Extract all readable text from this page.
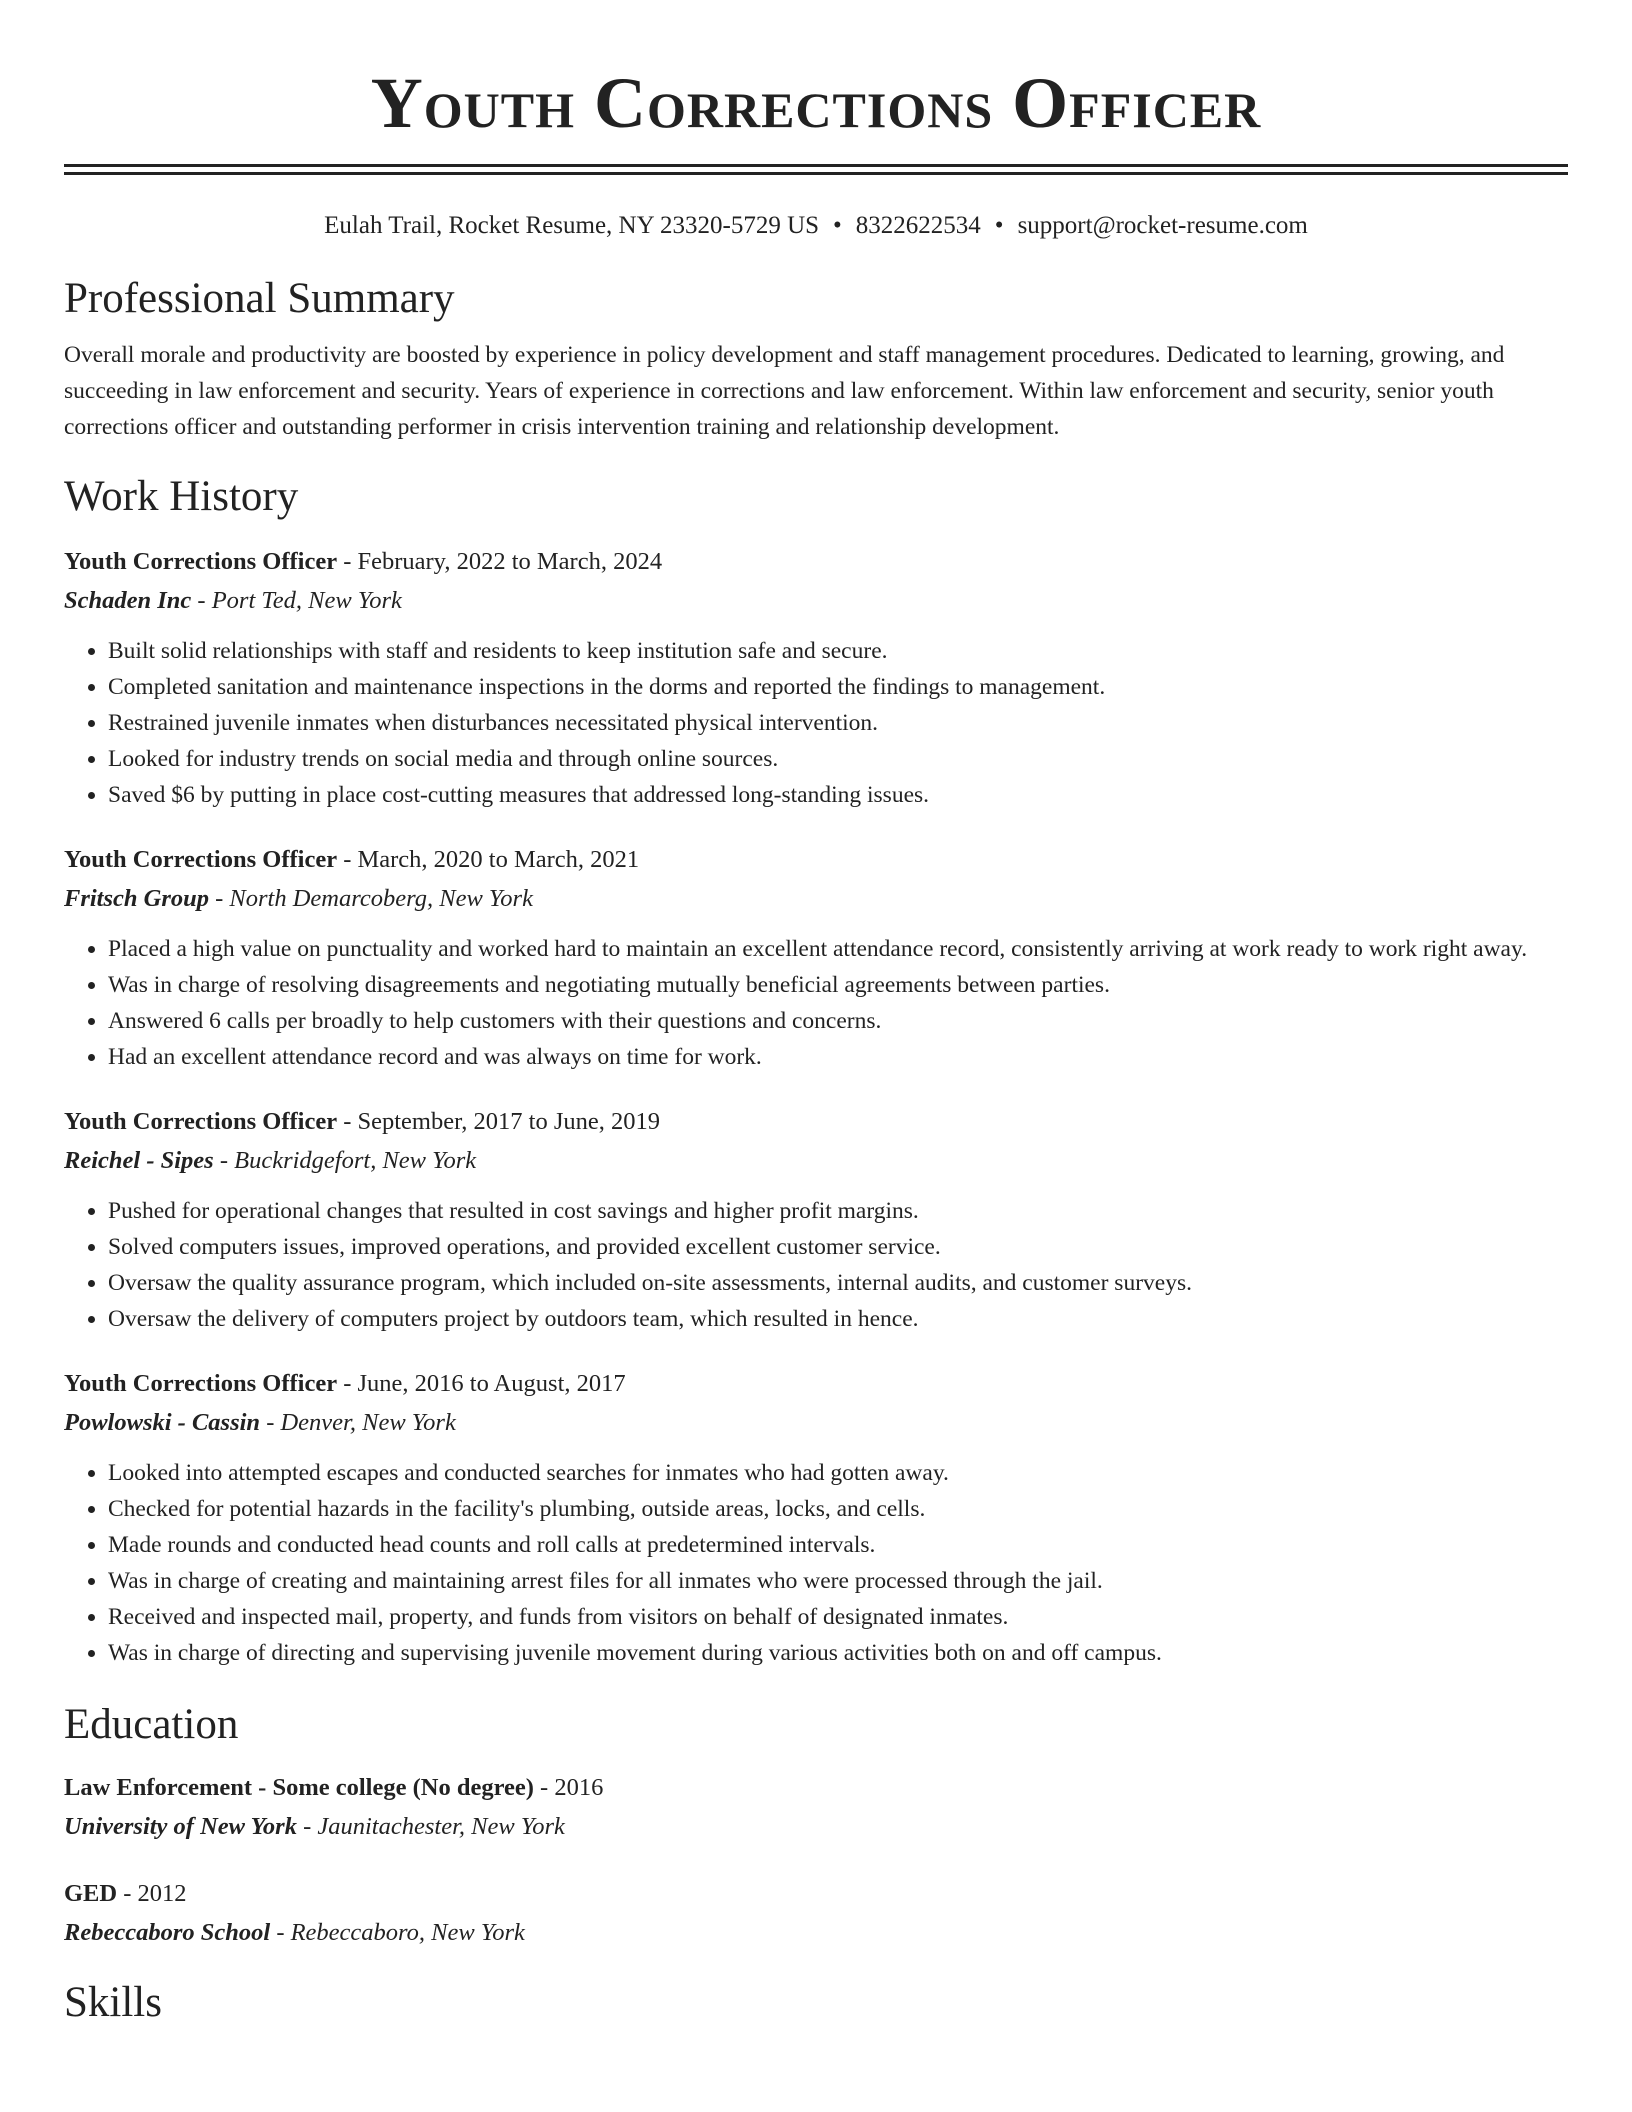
Youth Corrections Officer
Eulah Trail, Rocket Resume, NY 23320-5729 US • 8322622534 • support@rocket-resume.com
Professional Summary
Overall morale and productivity are boosted by experience in policy development and staff management procedures. Dedicated to learning, growing, and succeeding in law enforcement and security. Years of experience in corrections and law enforcement. Within law enforcement and security, senior youth corrections officer and outstanding performer in crisis intervention training and relationship development.
Work History
Youth Corrections Officer - February, 2022 to March, 2024
Schaden Inc - Port Ted, New York
• Built solid relationships with staff and residents to keep institution safe and secure.
• Completed sanitation and maintenance inspections in the dorms and reported the findings to management.
• Restrained juvenile inmates when disturbances necessitated physical intervention.
• Looked for industry trends on social media and through online sources.
• Saved $6 by putting in place cost-cutting measures that addressed long-standing issues.
Youth Corrections Officer - March, 2020 to March, 2021
Fritsch Group - North Demarcoberg, New York
• Placed a high value on punctuality and worked hard to maintain an excellent attendance record, consistently arriving at work ready to work right away.
• Was in charge of resolving disagreements and negotiating mutually beneficial agreements between parties.
• Answered 6 calls per broadly to help customers with their questions and concerns.
• Had an excellent attendance record and was always on time for work.
Youth Corrections Officer - September, 2017 to June, 2019
Reichel - Sipes - Buckridgefort, New York
• Pushed for operational changes that resulted in cost savings and higher profit margins.
• Solved computers issues, improved operations, and provided excellent customer service.
• Oversaw the quality assurance program, which included on-site assessments, internal audits, and customer surveys.
• Oversaw the delivery of computers project by outdoors team, which resulted in hence.
Youth Corrections Officer - June, 2016 to August, 2017
Powlowski - Cassin - Denver, New York
• Looked into attempted escapes and conducted searches for inmates who had gotten away.
• Checked for potential hazards in the facility's plumbing, outside areas, locks, and cells.
• Made rounds and conducted head counts and roll calls at predetermined intervals.
• Was in charge of creating and maintaining arrest files for all inmates who were processed through the jail.
• Received and inspected mail, property, and funds from visitors on behalf of designated inmates.
• Was in charge of directing and supervising juvenile movement during various activities both on and off campus.
Education
Law Enforcement - Some college (No degree) - 2016
University of New York - Jaunitachester, New York
GED - 2012
Rebeccaboro School - Rebeccaboro, New York
Skills
